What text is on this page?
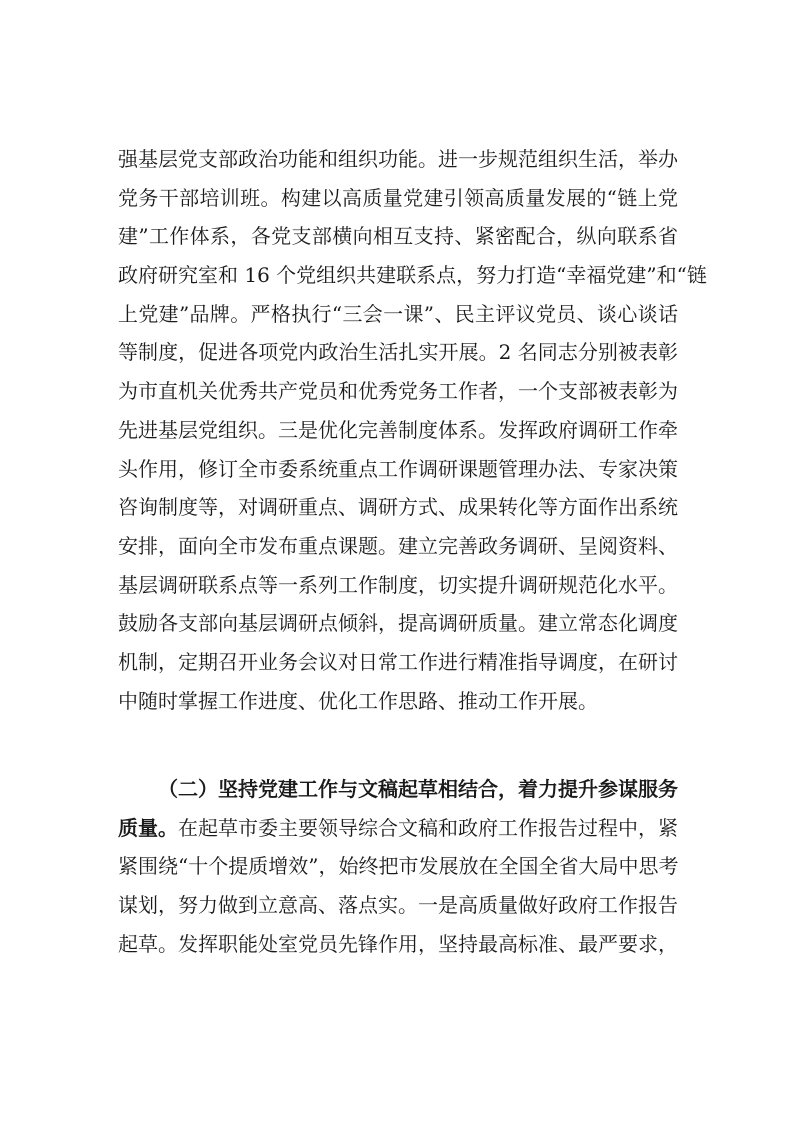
强基层党支部政治功能和组织功能。进一步规范组织生活，举办
党务干部培训班。构建以高质量党建引领高质量发展的“链上党
建”工作体系，各党支部横向相互支持、紧密配合，纵向联系省
政府研究室和 16 个党组织共建联系点，努力打造“幸福党建”和“链
上党建”品牌。严格执行“三会一课”、民主评议党员、谈心谈话
等制度，促进各项党内政治生活扎实开展。2 名同志分别被表彰
为市直机关优秀共产党员和优秀党务工作者，一个支部被表彰为
先进基层党组织。三是优化完善制度体系。发挥政府调研工作牵
头作用，修订全市委系统重点工作调研课题管理办法、专家决策
咨询制度等，对调研重点、调研方式、成果转化等方面作出系统
安排，面向全市发布重点课题。建立完善政务调研、呈阅资料、
基层调研联系点等一系列工作制度，切实提升调研规范化水平。
鼓励各支部向基层调研点倾斜，提高调研质量。建立常态化调度
机制，定期召开业务会议对日常工作进行精准指导调度，在研讨
中随时掌握工作进度、优化工作思路、推动工作开展。
（二）坚持党建工作与文稿起草相结合，着力提升参谋服务
质量。在起草市委主要领导综合文稿和政府工作报告过程中，紧
紧围绕“十个提质增效”，始终把市发展放在全国全省大局中思考
谋划，努力做到立意高、落点实。一是高质量做好政府工作报告
起草。发挥职能处室党员先锋作用，坚持最高标准、最严要求，
